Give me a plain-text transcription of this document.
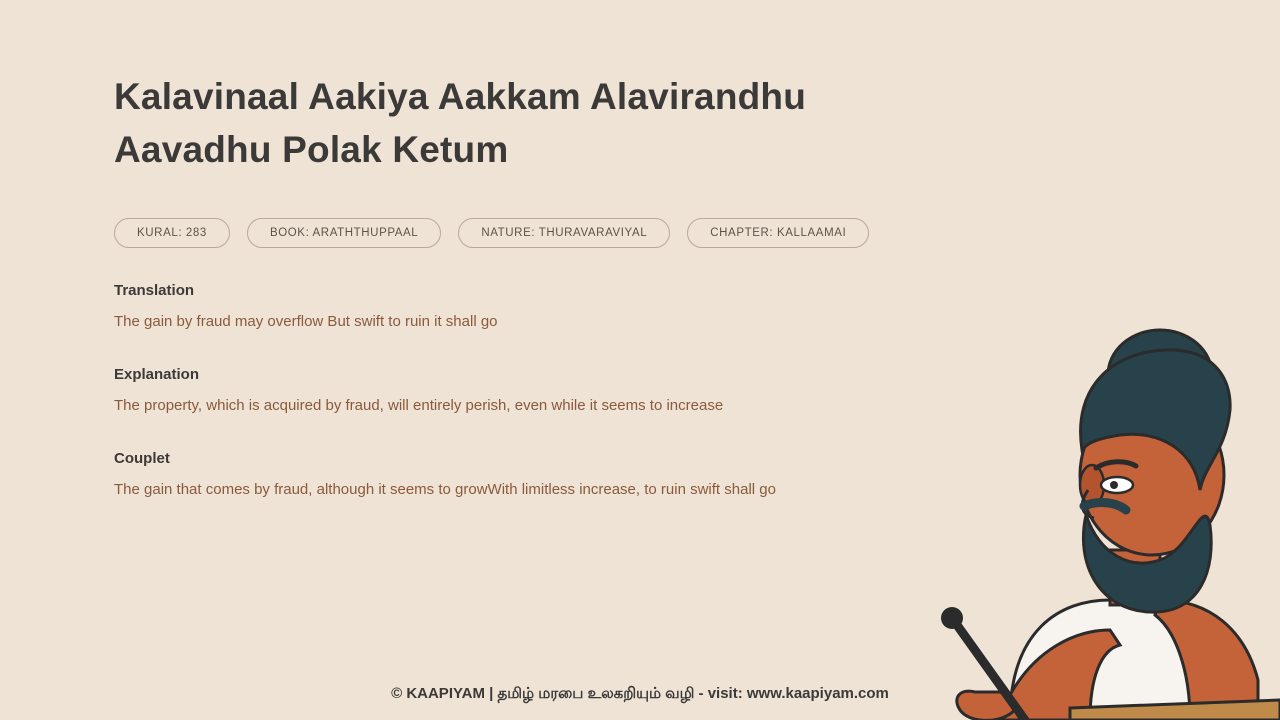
Kalavinaal Aakiya Aakkam Alavirandhu Aavadhu Polak Ketum
KURAL: 283	BOOK: ARATHTHUPPAAL	NATURE: THURAVARAVIYAL	CHAPTER: KALLAAMAI
Translation
The gain by fraud may overflow But swift to ruin it shall go
Explanation
The property, which is acquired by fraud, will entirely perish, even while it seems to increase
Couplet
The gain that comes by fraud, although it seems to growWith limitless increase, to ruin swift shall go
© KAAPIYAM | தமிழ் மரபை உலகறியும் வழி - visit: www.kaapiyam.com
